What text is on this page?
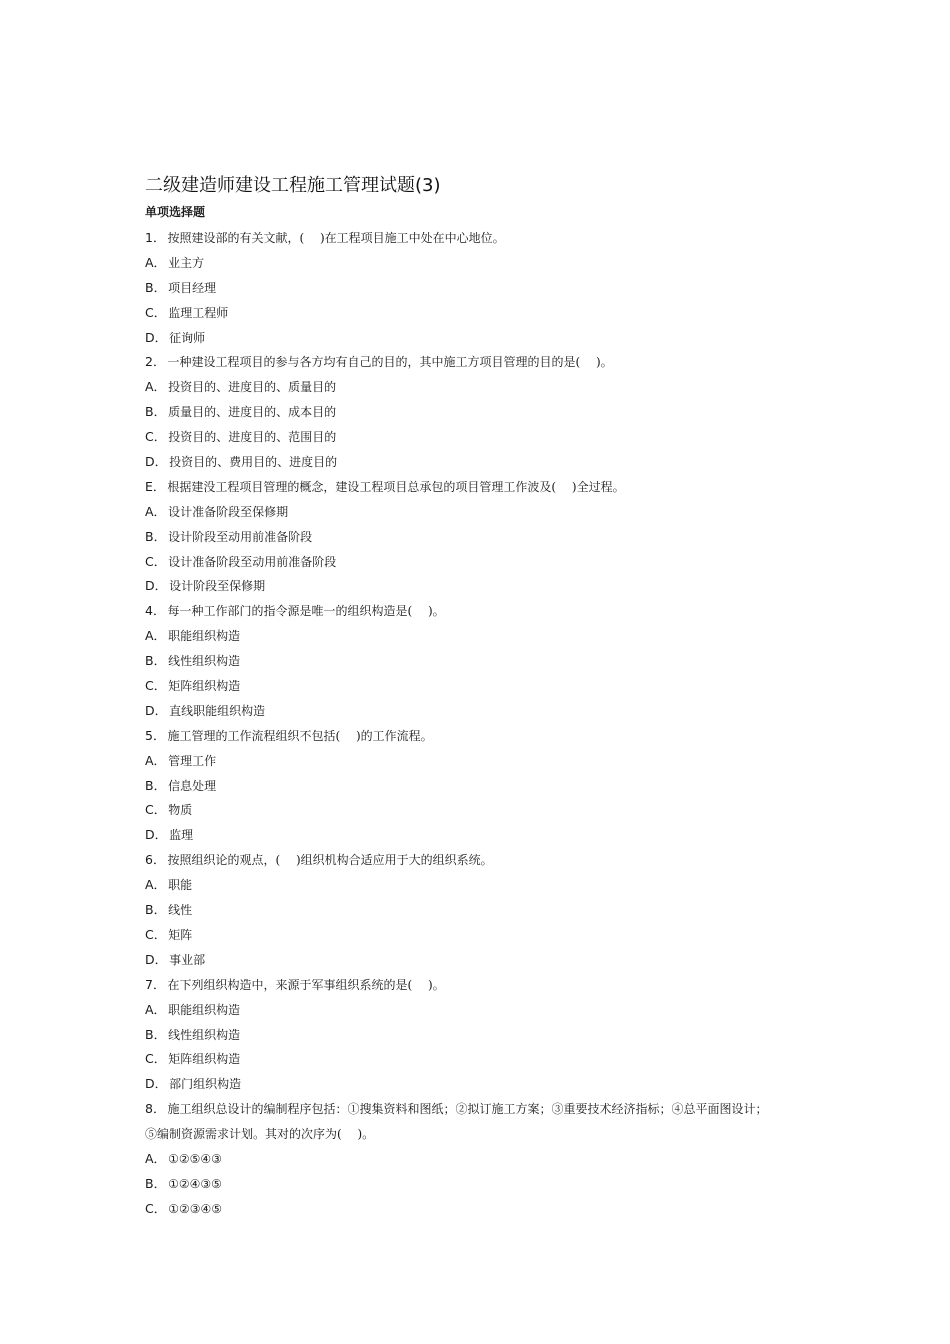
二级建造师建设工程施工管理试题(3)
单项选择题
1． 按照建设部的有关文献，(　 )在工程项目施工中处在中心地位。
A． 业主方
B． 项目经理
C． 监理工程师
D． 征询师
2． 一种建设工程项目的参与各方均有自己的目的，其中施工方项目管理的目的是(　 )。
A． 投资目的、进度目的、质量目的
B． 质量目的、进度目的、成本目的
C． 投资目的、进度目的、范围目的
D． 投资目的、费用目的、进度目的
E． 根据建没工程项目管理的概念，建设工程项目总承包的项目管理工作波及(　 )全过程。
A． 设计准备阶段至保修期
B． 设计阶段至动用前准备阶段
C． 设计准备阶段至动用前准备阶段
D． 设计阶段至保修期
4． 每一种工作部门的指令源是唯一的组织构造是(　 )。
A． 职能组织构造
B． 线性组织构造
C． 矩阵组织构造
D． 直线职能组织构造
5． 施工管理的工作流程组织不包括(　 )的工作流程。
A． 管理工作
B． 信息处理
C． 物质
D． 监理
6． 按照组织论的观点，(　 )组织机构合适应用于大的组织系统。
A． 职能
B． 线性
C． 矩阵
D． 事业部
7． 在下列组织构造中，来源于军事组织系统的是(　 )。
A． 职能组织构造
B． 线性组织构造
C． 矩阵组织构造
D． 部门组织构造
8． 施工组织总设计的编制程序包括：①搜集资料和图纸；②拟订施工方案；③重要技术经济指标；④总平面图设计；
⑤编制资源需求计划。其对的次序为(　 )。
A． ①②⑤④③
B． ①②④③⑤
C． ①②③④⑤
